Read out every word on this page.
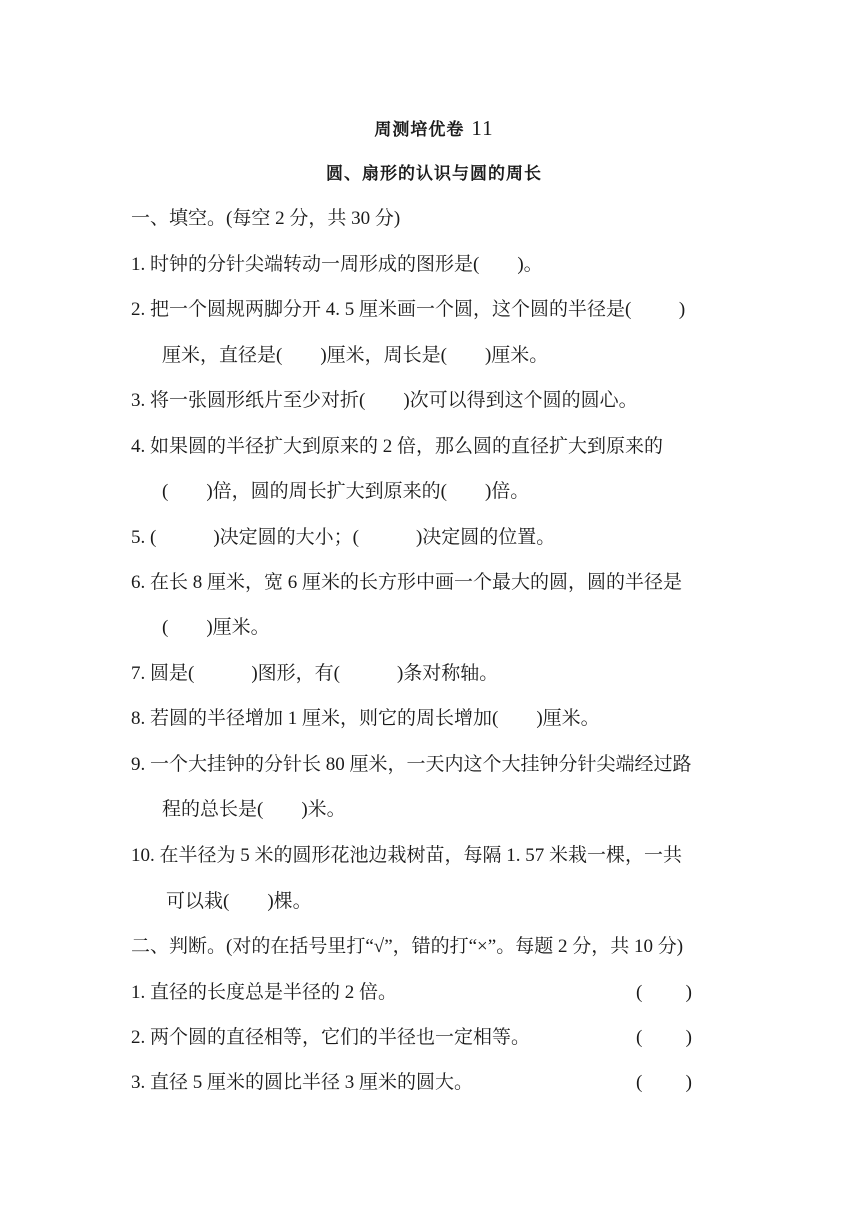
周测培优卷 11
圆、扇形的认识与圆的周长
一、填空。(每空 2 分，共 30 分)
1. 时钟的分针尖端转动一周形成的图形是(        )。
2. 把一个圆规两脚分开 4. 5 厘米画一个圆，这个圆的半径是(          )
厘米，直径是(        )厘米，周长是(        )厘米。
3. 将一张圆形纸片至少对折(        )次可以得到这个圆的圆心。
4. 如果圆的半径扩大到原来的 2 倍，那么圆的直径扩大到原来的
(        )倍，圆的周长扩大到原来的(        )倍。
5. (            )决定圆的大小；(            )决定圆的位置。
6. 在长 8 厘米，宽 6 厘米的长方形中画一个最大的圆，圆的半径是
(        )厘米。
7. 圆是(            )图形，有(            )条对称轴。
8. 若圆的半径增加 1 厘米，则它的周长增加(        )厘米。
9. 一个大挂钟的分针长 80 厘米，一天内这个大挂钟分针尖端经过路
程的总长是(        )米。
10. 在半径为 5 米的圆形花池边栽树苗，每隔 1. 57 米栽一棵，一共
可以栽(        )棵。
二、判断。(对的在括号里打“√”，错的打“×”。每题 2 分，共 10 分)
1. 直径的长度总是半径的 2 倍。	( )
2. 两个圆的直径相等，它们的半径也一定相等。	( )
3. 直径 5 厘米的圆比半径 3 厘米的圆大。	( )
